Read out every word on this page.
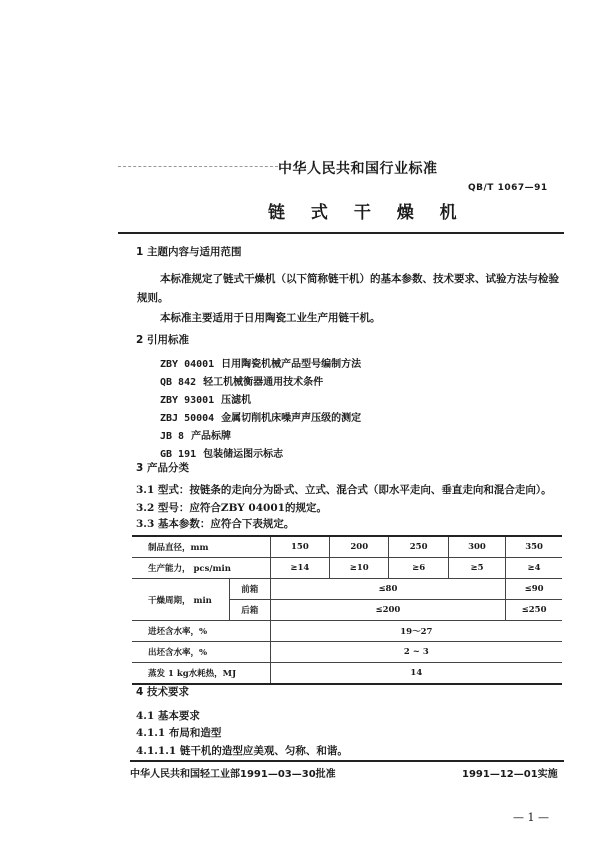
中华人民共和国行业标准
QB/T 1067—91
链 式 干 燥 机
1 主题内容与适用范围
本标准规定了链式干燥机（以下简称链干机）的基本参数、技术要求、试验方法与检验
规则。
本标准主要适用于日用陶瓷工业生产用链干机。
2 引用标准
ZBY 04001 日用陶瓷机械产品型号编制方法
QB 842 轻工机械衡器通用技术条件
ZBY 93001 压滤机
ZBJ 50004 金属切削机床噪声声压级的测定
JB 8 产品标牌
GB 191 包装储运图示标志
3 产品分类
3.1 型式：按链条的走向分为卧式、立式、混合式（即水平走向、垂直走向和混合走向）。
3.2 型号：应符合ZBY 04001的规定。
3.3 基本参数：应符合下表规定。
制品直径，mm		150	200	250	300	350
生产能力， pcs/min		≥14	≥10	≥6	≥5	≥4
干燥周期， min	前箱	≤80				≤90
	后箱	≤200				≤250
进坯含水率，%		19～27				
出坯含水率，%		2 ~ 3				
蒸发 1 kg水耗热，MJ		14				
4 技术要求
4.1 基本要求
4.1.1 布局和造型
4.1.1.1 链干机的造型应美观、匀称、和谐。
中华人民共和国轻工业部1991—03—30批准	1991—12—01实施
— 1 —
